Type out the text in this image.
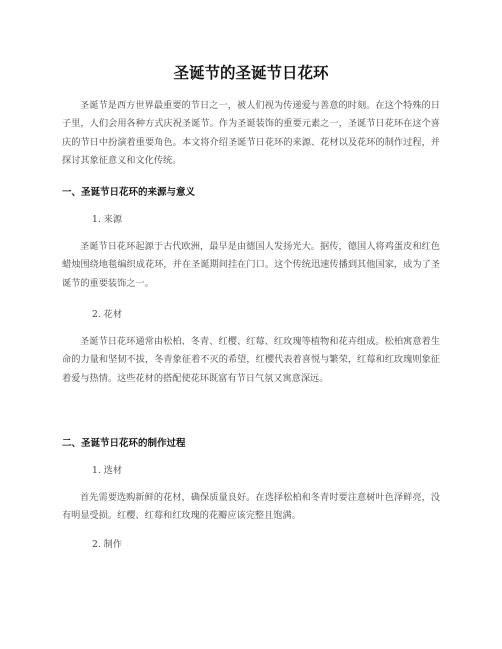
圣诞节的圣诞节日花环

圣诞节是西方世界最重要的节日之一，被人们视为传递爱与善意的时刻。在这个特殊的日子里，人们会用各种方式庆祝圣诞节。作为圣诞装饰的重要元素之一，圣诞节日花环在这个喜庆的节日中扮演着重要角色。本文将介绍圣诞节日花环的来源、花材以及花环的制作过程，并探讨其象征意义和文化传统。

一、圣诞节日花环的来源与意义

1. 来源

圣诞节日花环起源于古代欧洲，最早是由德国人发扬光大。据传，德国人将鸡蛋皮和红色蜡烛围绕地毯编织成花环，并在圣诞期间挂在门口。这个传统迅速传播到其他国家，成为了圣诞节的重要装饰之一。

2. 花材

圣诞节日花环通常由松柏、冬青、红樱、红莓、红玫瑰等植物和花卉组成。松柏寓意着生命的力量和坚韧不拔，冬青象征着不灭的希望，红樱代表着喜悦与繁荣，红莓和红玫瑰则象征着爱与热情。这些花材的搭配使花环既富有节日气氛又寓意深远。

二、圣诞节日花环的制作过程

1. 选材

首先需要选购新鲜的花材，确保质量良好。在选择松柏和冬青时要注意树叶色泽鲜亮，没有明显受损。红樱、红莓和红玫瑰的花瓣应该完整且饱满。

2. 制作
